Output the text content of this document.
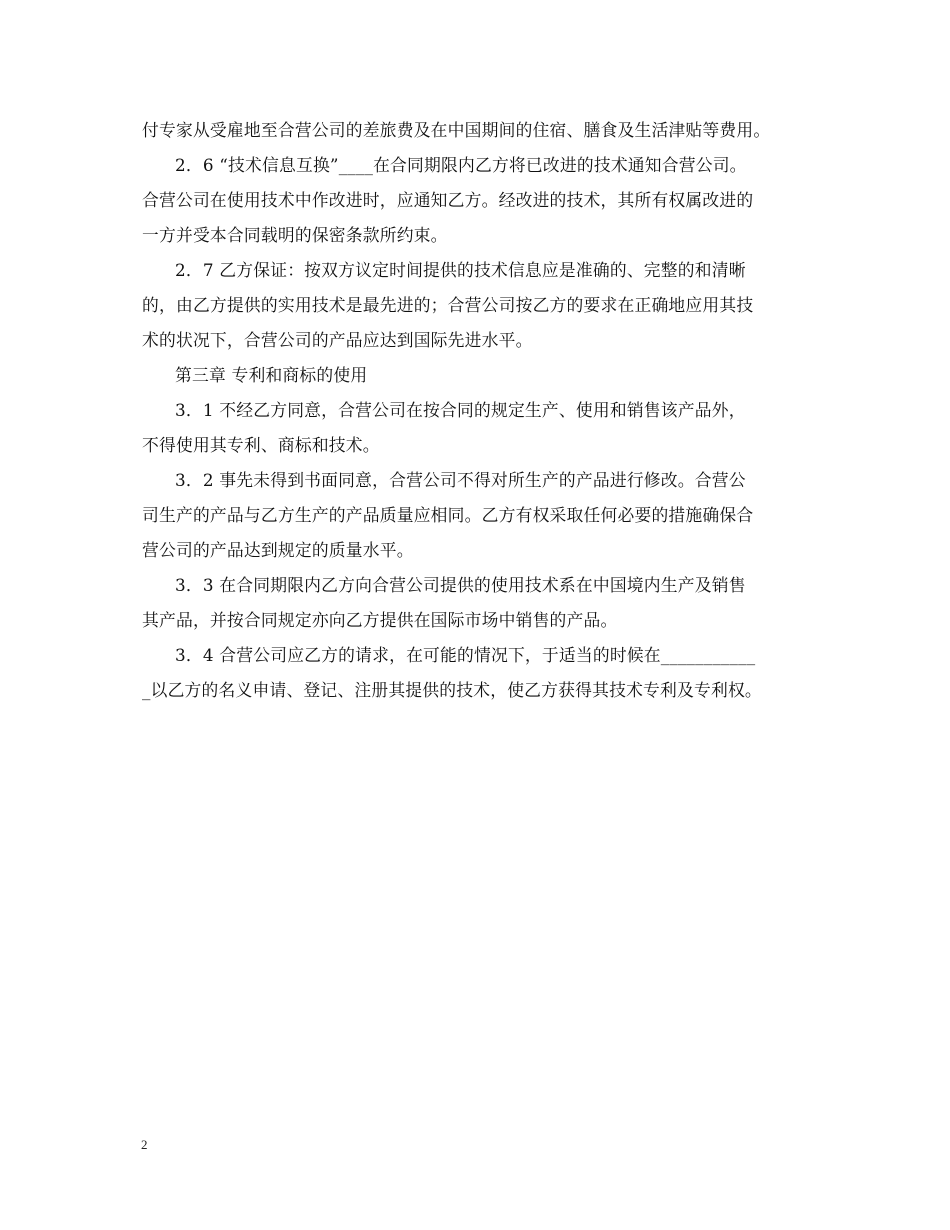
付专家从受雇地至合营公司的差旅费及在中国期间的住宿、膳食及生活津贴等费用。
2．6 “技术信息互换”____在合同期限内乙方将已改进的技术通知合营公司。
合营公司在使用技术中作改进时，应通知乙方。经改进的技术，其所有权属改进的
一方并受本合同载明的保密条款所约束。
2．7 乙方保证：按双方议定时间提供的技术信息应是准确的、完整的和清晰
的，由乙方提供的实用技术是最先进的；合营公司按乙方的要求在正确地应用其技
术的状况下，合营公司的产品应达到国际先进水平。
第三章 专利和商标的使用
3．1 不经乙方同意，合营公司在按合同的规定生产、使用和销售该产品外，
不得使用其专利、商标和技术。
3．2 事先未得到书面同意，合营公司不得对所生产的产品进行修改。合营公
司生产的产品与乙方生产的产品质量应相同。乙方有权采取任何必要的措施确保合
营公司的产品达到规定的质量水平。
3．3 在合同期限内乙方向合营公司提供的使用技术系在中国境内生产及销售
其产品，并按合同规定亦向乙方提供在国际市场中销售的产品。
3．4 合营公司应乙方的请求，在可能的情况下，于适当的时候在___________
_以乙方的名义申请、登记、注册其提供的技术，使乙方获得其技术专利及专利权。
2
